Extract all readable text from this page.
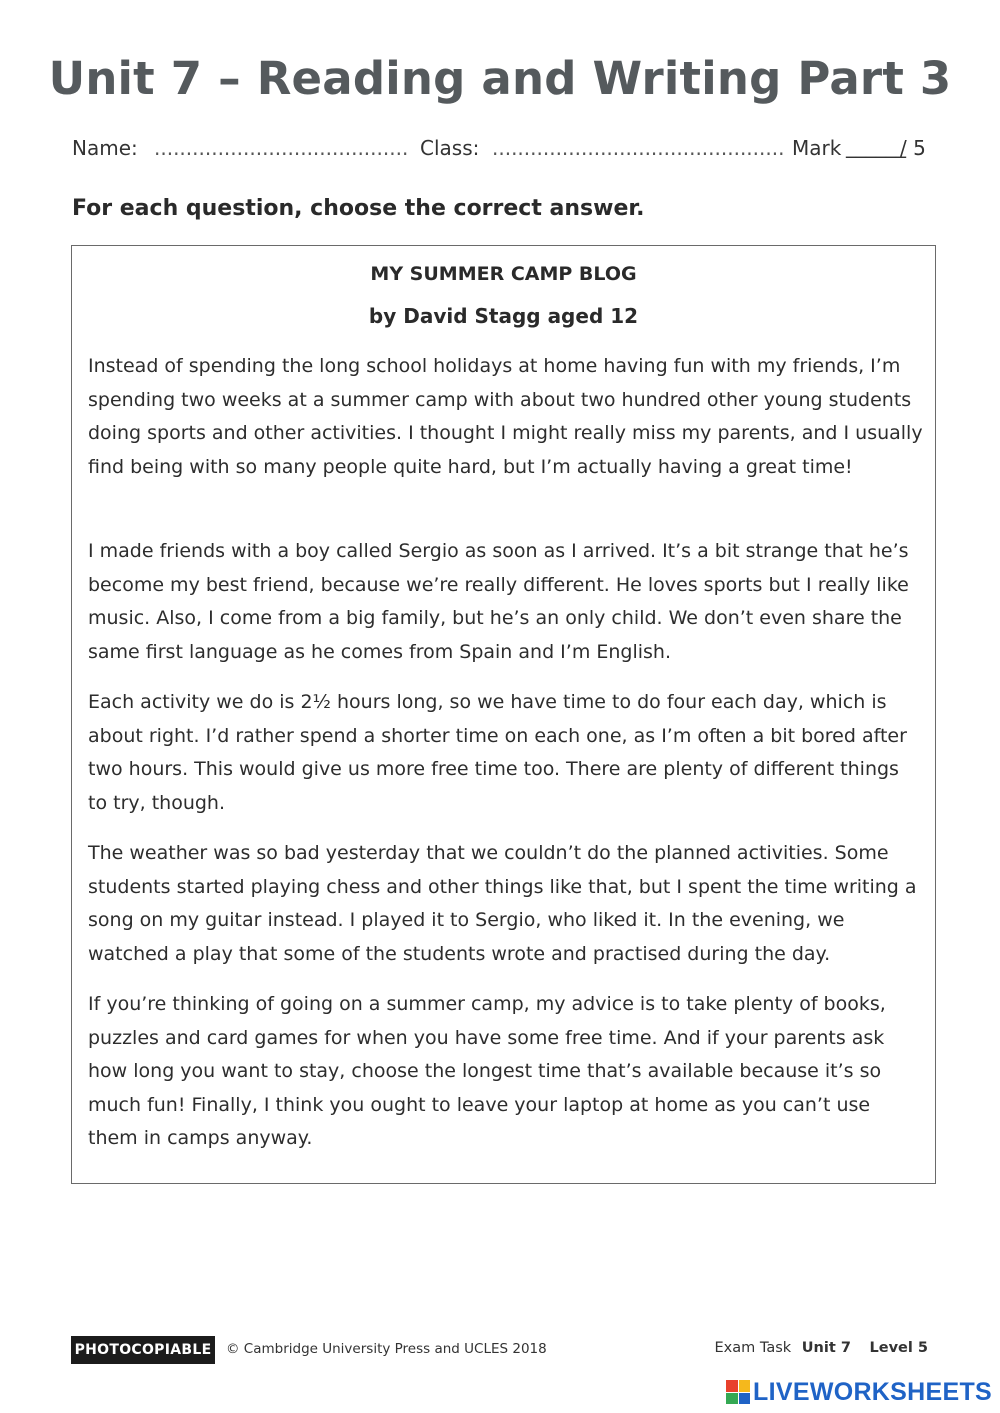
Unit 7 – Reading and Writing Part 3
Name: ........................................ Class: .............................................. Mark ______
/ 5
For each question, choose the correct answer.
MY SUMMER CAMP BLOG
by David Stagg aged 12

Instead of spending the long school holidays at home having fun with my friends, I’m spending two weeks at a summer camp with about two hundred other young students doing sports and other activities. I thought I might really miss my parents, and I usually find being with so many people quite hard, but I’m actually having a great time!

I made friends with a boy called Sergio as soon as I arrived. It’s a bit strange that he’s become my best friend, because we’re really different. He loves sports but I really like music. Also, I come from a big family, but he’s an only child. We don’t even share the same first language as he comes from Spain and I’m English.

Each activity we do is 2½ hours long, so we have time to do four each day, which is about right. I’d rather spend a shorter time on each one, as I’m often a bit bored after two hours. This would give us more free time too. There are plenty of different things to try, though.

The weather was so bad yesterday that we couldn’t do the planned activities. Some students started playing chess and other things like that, but I spent the time writing a song on my guitar instead. I played it to Sergio, who liked it. In the evening, we watched a play that some of the students wrote and practised during the day.

If you’re thinking of going on a summer camp, my advice is to take plenty of books, puzzles and card games for when you have some free time. And if your parents ask how long you want to stay, choose the longest time that’s available because it’s so much fun! Finally, I think you ought to leave your laptop at home as you can’t use them in camps anyway.

PHOTOCOPIABLE © Cambridge University Press and UCLES 2018	Exam Task Unit 7 Level 5
LIVEWORKSHEETS
